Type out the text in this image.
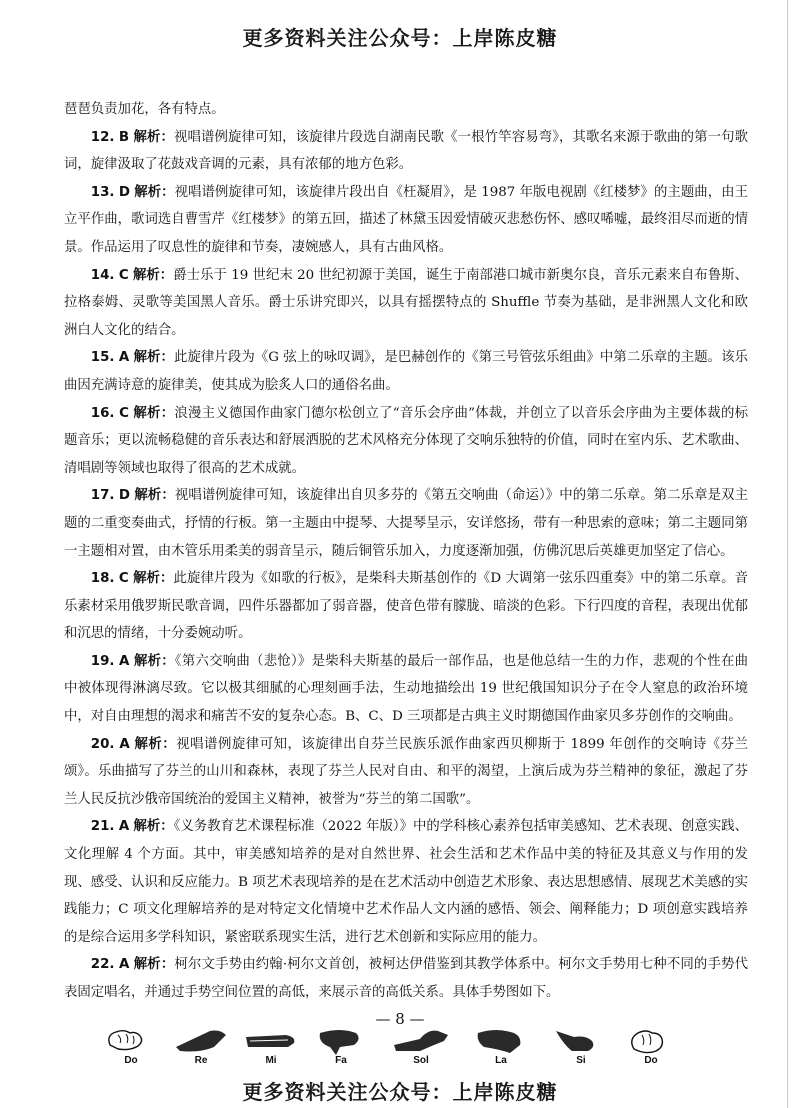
更多资料关注公众号：上岸陈皮糖

琶琶负责加花，各有特点。

12. B 解析：视唱谱例旋律可知，该旋律片段选自湖南民歌《一根竹竿容易弯》，其歌名来源于歌曲的第一句歌词，旋律汲取了花鼓戏音调的元素，具有浓郁的地方色彩。

13. D 解析：视唱谱例旋律可知，该旋律片段出自《枉凝眉》，是 1987 年版电视剧《红楼梦》的主题曲，由王立平作曲，歌词选自曹雪芹《红楼梦》的第五回，描述了林黛玉因爱情破灭悲愁伤怀、感叹唏嘘，最终泪尽而逝的情景。作品运用了叹息性的旋律和节奏，凄婉感人，具有古曲风格。

14. C 解析：爵士乐于 19 世纪末 20 世纪初源于美国，诞生于南部港口城市新奥尔良，音乐元素来自布鲁斯、拉格泰姆、灵歌等美国黑人音乐。爵士乐讲究即兴，以具有摇摆特点的 Shuffle 节奏为基础，是非洲黑人文化和欧洲白人文化的结合。

15. A 解析：此旋律片段为《G 弦上的咏叹调》，是巴赫创作的《第三号管弦乐组曲》中第二乐章的主题。该乐曲因充满诗意的旋律美，使其成为脍炙人口的通俗名曲。

16. C 解析：浪漫主义德国作曲家门德尔松创立了“音乐会序曲”体裁，并创立了以音乐会序曲为主要体裁的标题音乐；更以流畅稳健的音乐表达和舒展洒脱的艺术风格充分体现了交响乐独特的价值，同时在室内乐、艺术歌曲、清唱剧等领域也取得了很高的艺术成就。

17. D 解析：视唱谱例旋律可知，该旋律出自贝多芬的《第五交响曲（命运）》中的第二乐章。第二乐章是双主题的二重变奏曲式，抒情的行板。第一主题由中提琴、大提琴呈示，安详悠扬，带有一种思索的意味；第二主题同第一主题相对置，由木管乐用柔美的弱音呈示，随后铜管乐加入，力度逐渐加强，仿佛沉思后英雄更加坚定了信心。

18. C 解析：此旋律片段为《如歌的行板》，是柴科夫斯基创作的《D 大调第一弦乐四重奏》中的第二乐章。音乐素材采用俄罗斯民歌音调，四件乐器都加了弱音器，使音色带有朦胧、暗淡的色彩。下行四度的音程，表现出优郁和沉思的情绪，十分委婉动听。

19. A 解析：《第六交响曲（悲怆）》是柴科夫斯基的最后一部作品，也是他总结一生的力作，悲观的个性在曲中被体现得淋漓尽致。它以极其细腻的心理刻画手法，生动地描绘出 19 世纪俄国知识分子在令人窒息的政治环境中，对自由理想的渴求和痛苦不安的复杂心态。B、C、D 三项都是古典主义时期德国作曲家贝多芬创作的交响曲。

20. A 解析：视唱谱例旋律可知，该旋律出自芬兰民族乐派作曲家西贝柳斯于 1899 年创作的交响诗《芬兰颂》。乐曲描写了芬兰的山川和森林，表现了芬兰人民对自由、和平的渴望，上演后成为芬兰精神的象征，激起了芬兰人民反抗沙俄帝国统治的爱国主义精神，被誉为“芬兰的第二国歌”。

21. A 解析：《义务教育艺术课程标准（2022 年版）》中的学科核心素养包括审美感知、艺术表现、创意实践、文化理解 4 个方面。其中，审美感知培养的是对自然世界、社会生活和艺术作品中美的特征及其意义与作用的发现、感受、认识和反应能力。B 项艺术表现培养的是在艺术活动中创造艺术形象、表达思想感情、展现艺术美感的实践能力；C 项文化理解培养的是对特定文化情境中艺术作品人文内涵的感悟、领会、阐释能力；D 项创意实践培养的是综合运用多学科知识，紧密联系现实生活，进行艺术创新和实际应用的能力。

22. A 解析：柯尔文手势由约翰·柯尔文首创，被柯达伊借鉴到其教学体系中。柯尔文手势用七种不同的手势代表固定唱名，并通过手势空间位置的高低，来展示音的高低关系。具体手势图如下。

Do	Re	Mi	Fa	Sol	La	Si	Do
— 8 —
更多资料关注公众号：上岸陈皮糖
